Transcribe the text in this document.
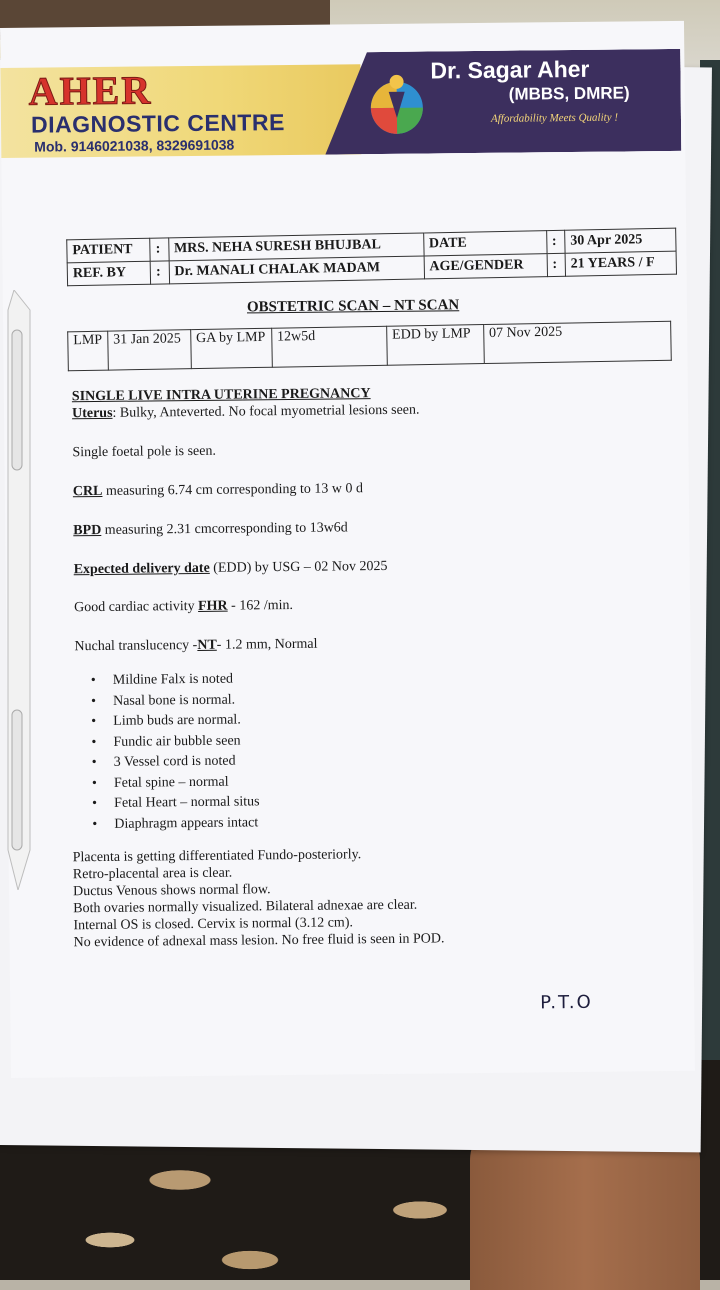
AHER
DIAGNOSTIC CENTRE
Mob. 9146021038, 8329691038
Dr. Sagar Aher
(MBBS, DMRE)
Affordability Meets Quality !
PATIENT	:	MRS. NEHA SURESH BHUJBAL	DATE	:	30 Apr 2025
REF. BY	:	Dr. MANALI CHALAK MADAM	AGE/GENDER	:	21 YEARS / F
OBSTETRIC SCAN – NT SCAN
LMP	31 Jan 2025	GA by LMP	12w5d	EDD by LMP	07 Nov 2025
SINGLE LIVE INTRA UTERINE PREGNANCY
Uterus: Bulky, Anteverted. No focal myometrial lesions seen.
Single foetal pole is seen.
CRL measuring 6.74 cm corresponding to 13 w 0 d
BPD measuring 2.31 cmcorresponding to 13w6d
Expected delivery date (EDD) by USG – 02 Nov 2025
Good cardiac activity FHR - 162 /min.
Nuchal translucency -NT- 1.2 mm, Normal
• Mildine Falx is noted
• Nasal bone is normal.
• Limb buds are normal.
• Fundic air bubble seen
• 3 Vessel cord is noted
• Fetal spine – normal
• Fetal Heart – normal situs
• Diaphragm appears intact
Placenta is getting differentiated Fundo-posteriorly.
Retro-placental area is clear.
Ductus Venous shows normal flow.
Both ovaries normally visualized. Bilateral adnexae are clear.
Internal OS is closed. Cervix is normal (3.12 cm).
No evidence of adnexal mass lesion. No free fluid is seen in POD.
P.T.O
